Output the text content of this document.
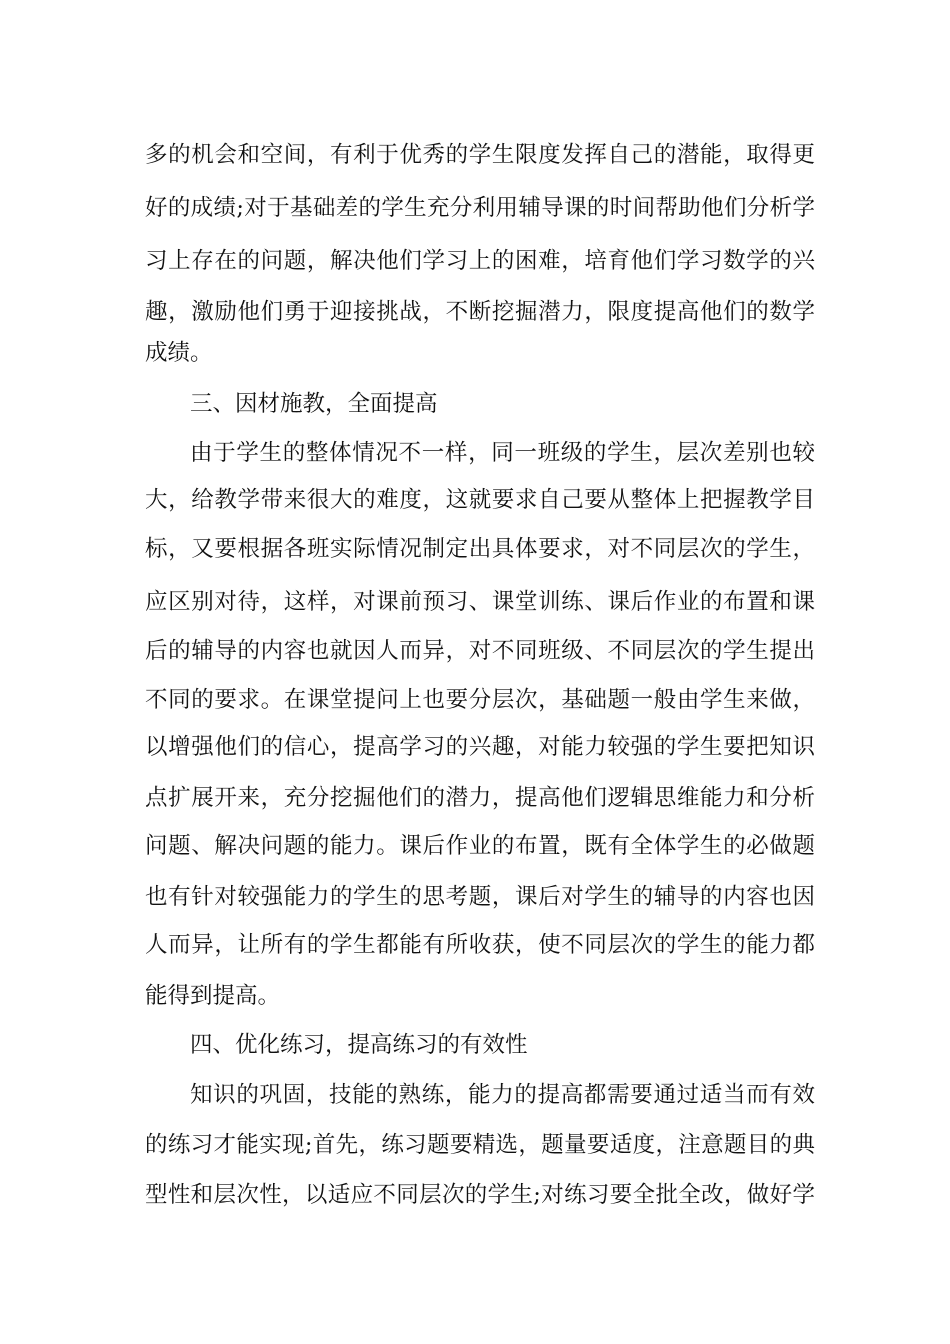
多的机会和空间，有利于优秀的学生限度发挥自己的潜能，取得更
好的成绩;对于基础差的学生充分利用辅导课的时间帮助他们分析学
习上存在的问题，解决他们学习上的困难，培育他们学习数学的兴
趣，激励他们勇于迎接挑战，不断挖掘潜力，限度提高他们的数学
成绩。
三、因材施教，全面提高
由于学生的整体情况不一样，同一班级的学生，层次差别也较
大，给教学带来很大的难度，这就要求自己要从整体上把握教学目
标，又要根据各班实际情况制定出具体要求，对不同层次的学生，
应区别对待，这样，对课前预习、课堂训练、课后作业的布置和课
后的辅导的内容也就因人而异，对不同班级、不同层次的学生提出
不同的要求。在课堂提问上也要分层次，基础题一般由学生来做，
以增强他们的信心，提高学习的兴趣，对能力较强的学生要把知识
点扩展开来，充分挖掘他们的潜力，提高他们逻辑思维能力和分析
问题、解决问题的能力。课后作业的布置，既有全体学生的必做题
也有针对较强能力的学生的思考题，课后对学生的辅导的内容也因
人而异，让所有的学生都能有所收获，使不同层次的学生的能力都
能得到提高。
四、优化练习，提高练习的有效性
知识的巩固，技能的熟练，能力的提高都需要通过适当而有效
的练习才能实现;首先，练习题要精选，题量要适度，注意题目的典
型性和层次性，以适应不同层次的学生;对练习要全批全改，做好学
